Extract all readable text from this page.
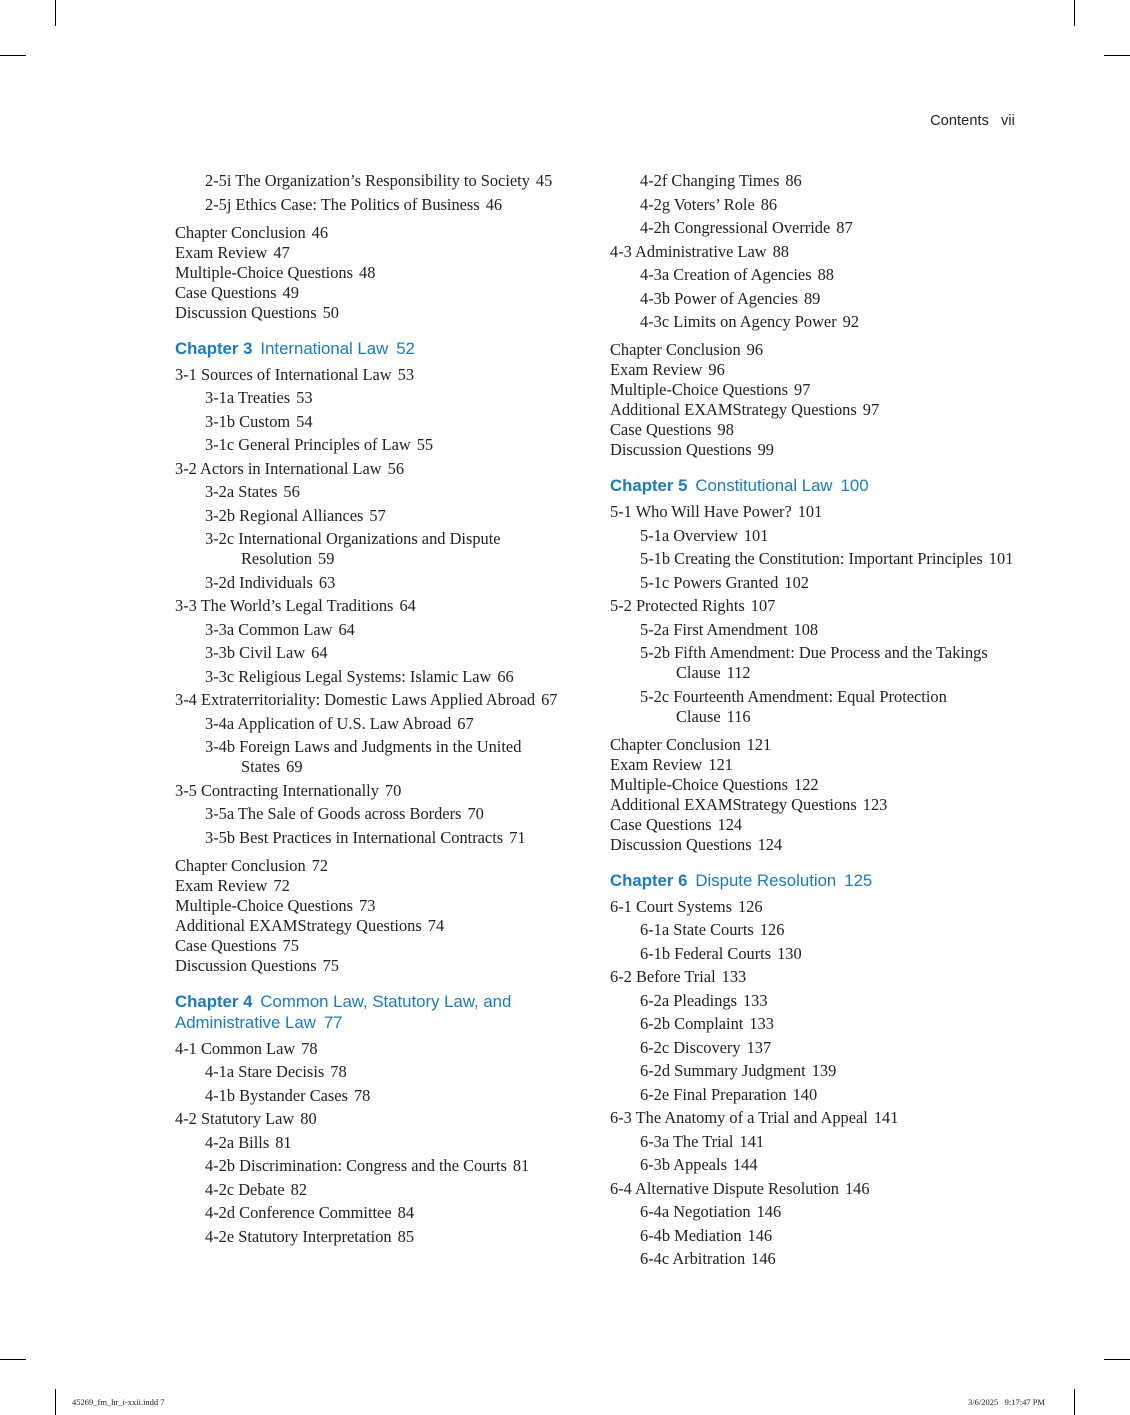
Contents vii
2-5i The Organization’s Responsibility to Society 45
2-5j Ethics Case: The Politics of Business 46
Chapter Conclusion 46
Exam Review 47
Multiple-Choice Questions 48
Case Questions 49
Discussion Questions 50
Chapter 3 International Law 52
3-1 Sources of International Law 53
3-1a Treaties 53
3-1b Custom 54
3-1c General Principles of Law 55
3-2 Actors in International Law 56
3-2a States 56
3-2b Regional Alliances 57
3-2c International Organizations and Dispute Resolution 59
3-2d Individuals 63
3-3 The World’s Legal Traditions 64
3-3a Common Law 64
3-3b Civil Law 64
3-3c Religious Legal Systems: Islamic Law 66
3-4 Extraterritoriality: Domestic Laws Applied Abroad 67
3-4a Application of U.S. Law Abroad 67
3-4b Foreign Laws and Judgments in the United States 69
3-5 Contracting Internationally 70
3-5a The Sale of Goods across Borders 70
3-5b Best Practices in International Contracts 71
Chapter Conclusion 72
Exam Review 72
Multiple-Choice Questions 73
Additional EXAMStrategy Questions 74
Case Questions 75
Discussion Questions 75
Chapter 4 Common Law, Statutory Law, and Administrative Law 77
4-1 Common Law 78
4-1a Stare Decisis 78
4-1b Bystander Cases 78
4-2 Statutory Law 80
4-2a Bills 81
4-2b Discrimination: Congress and the Courts 81
4-2c Debate 82
4-2d Conference Committee 84
4-2e Statutory Interpretation 85
4-2f Changing Times 86
4-2g Voters’ Role 86
4-2h Congressional Override 87
4-3 Administrative Law 88
4-3a Creation of Agencies 88
4-3b Power of Agencies 89
4-3c Limits on Agency Power 92
Chapter Conclusion 96
Exam Review 96
Multiple-Choice Questions 97
Additional EXAMStrategy Questions 97
Case Questions 98
Discussion Questions 99
Chapter 5 Constitutional Law 100
5-1 Who Will Have Power? 101
5-1a Overview 101
5-1b Creating the Constitution: Important Principles 101
5-1c Powers Granted 102
5-2 Protected Rights 107
5-2a First Amendment 108
5-2b Fifth Amendment: Due Process and the Takings Clause 112
5-2c Fourteenth Amendment: Equal Protection Clause 116
Chapter Conclusion 121
Exam Review 121
Multiple-Choice Questions 122
Additional EXAMStrategy Questions 123
Case Questions 124
Discussion Questions 124
Chapter 6 Dispute Resolution 125
6-1 Court Systems 126
6-1a State Courts 126
6-1b Federal Courts 130
6-2 Before Trial 133
6-2a Pleadings 133
6-2b Complaint 133
6-2c Discovery 137
6-2d Summary Judgment 139
6-2e Final Preparation 140
6-3 The Anatomy of a Trial and Appeal 141
6-3a The Trial 141
6-3b Appeals 144
6-4 Alternative Dispute Resolution 146
6-4a Negotiation 146
6-4b Mediation 146
6-4c Arbitration 146
45269_fm_hr_i-xxii.indd 7	3/6/2025   9:17:47 PM
